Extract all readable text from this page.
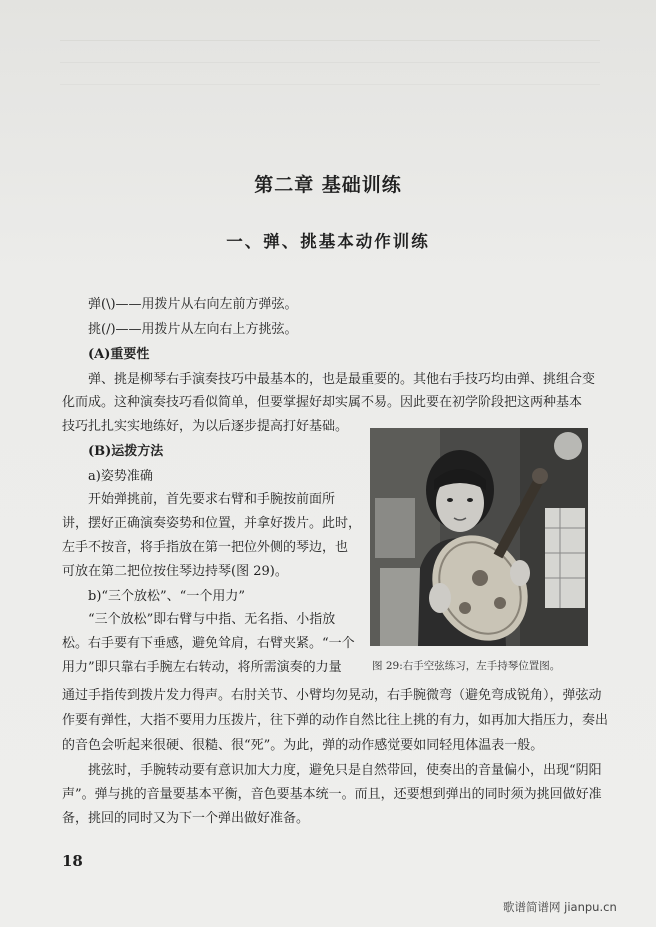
第二章 基础训练
一、弹、挑基本动作训练
弹(\)——用拨片从右向左前方弹弦。
挑(/)——用拨片从左向右上方挑弦。
(A)重要性
弹、挑是柳琴右手演奏技巧中最基本的，也是最重要的。其他右手技巧均由弹、挑组合变
化而成。这种演奏技巧看似简单，但要掌握好却实属不易。因此要在初学阶段把这两种基本
技巧扎扎实实地练好，为以后逐步提高打好基础。
(B)运拨方法
a)姿势准确
开始弹挑前，首先要求右臂和手腕按前面所
讲，摆好正确演奏姿势和位置，并拿好拨片。此时，
左手不按音，将手指放在第一把位外侧的琴边，也
可放在第二把位按住琴边持琴(图 29)。
b)“三个放松”、“一个用力”
“三个放松”即右臂与中指、无名指、小指放
松。右手要有下垂感，避免耸肩，右臂夹紧。“一个
用力”即只靠右手腕左右转动，将所需演奏的力量
通过手指传到拨片发力得声。右肘关节、小臂均勿晃动，右手腕微弯（避免弯成锐角），弹弦动
作要有弹性，大指不要用力压拨片，往下弹的动作自然比往上挑的有力，如再加大指压力，奏出
的音色会听起来很硬、很糙、很“死”。为此，弹的动作感觉要如同轻甩体温表一般。
挑弦时，手腕转动要有意识加大力度，避免只是自然带回，使奏出的音量偏小，出现“阴阳
声”。弹与挑的音量要基本平衡，音色要基本统一。而且，还要想到弹出的同时须为挑回做好准
备，挑回的同时又为下一个弹出做好准备。
图 29:右手空弦练习，左手持琴位置图。
18
歌谱简谱网 jianpu.cn
